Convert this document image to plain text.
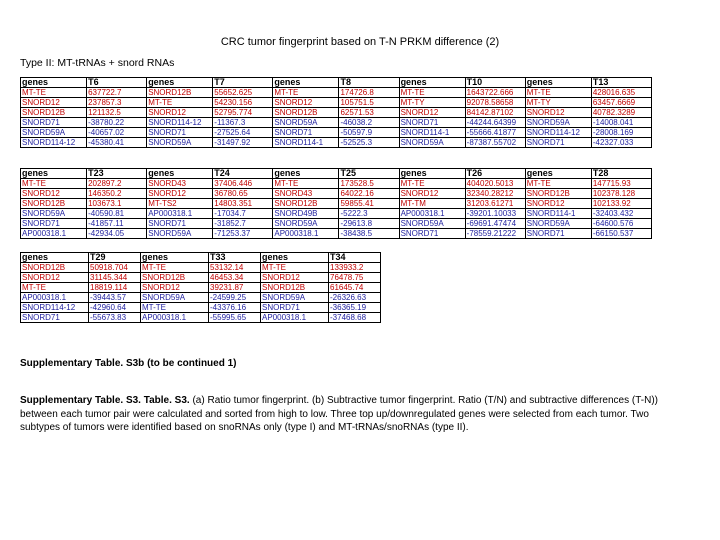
CRC tumor fingerprint based on T-N PRKM difference (2)
Type II: MT-tRNAs + snord RNAs
genes	T6	genes	T7	genes	T8	genes	T10	genes	T13
MT-TE	637722.7	SNORD12B	55652.625	MT-TE	174726.8	MT-TE	1643722.666	MT-TE	428016.635
SNORD12	237857.3	MT-TE	54230.156	SNORD12	105751.5	MT-TY	92078.58658	MT-TY	63457.6669
SNORD12B	121132.5	SNORD12	52795.774	SNORD12B	62571.53	SNORD12	84142.87102	SNORD12	40782.3289
SNORD71	-38780.22	SNORD114-12	-11367.3	SNORD59A	-46038.2	SNORD71	-44244.64399	SNORD59A	-14008.041
SNORD59A	-40657.02	SNORD71	-27525.64	SNORD71	-50597.9	SNORD114-1	-55666.41877	SNORD114-12	-28008.169
SNORD114-12	-45380.41	SNORD59A	-31497.92	SNORD114-1	-52525.3	SNORD59A	-87387.55702	SNORD71	-42327.033
genes	T23	genes	T24	genes	T25	genes	T26	genes	T28
MT-TE	202897.2	SNORD43	37406.446	MT-TE	173528.5	MT-TE	404020.5013	MT-TE	147715.93
SNORD12	146350.2	SNORD12	36780.65	SNORD43	64022.16	SNORD12	32340.28212	SNORD12B	102378.128
SNORD12B	103673.1	MT-TS2	14803.351	SNORD12B	59855.41	MT-TM	31203.61271	SNORD12	102133.92
SNORD59A	-40590.81	AP000318.1	-17034.7	SNORD49B	-5222.3	AP000318.1	-39201.10033	SNORD114-1	-32403.432
SNORD71	-41857.11	SNORD71	-31852.7	SNORD59A	-29613.8	SNORD59A	-69691.47474	SNORD59A	-64600.576
AP000318.1	-42934.05	SNORD59A	-71253.37	AP000318.1	-38438.5	SNORD71	-78559.21222	SNORD71	-66150.537
genes	T29	genes	T33	genes	T34
SNORD12B	50918.704	MT-TE	53132.14	MT-TE	133933.2
SNORD12	31145.344	SNORD12B	46453.34	SNORD12	76478.75
MT-TE	18819.114	SNORD12	39231.87	SNORD12B	61645.74
AP000318.1	-39443.57	SNORD59A	-24599.25	SNORD59A	-26326.63
SNORD114-12	-42960.64	MT-TE	-43376.16	SNORD71	-36365.19
SNORD71	-55673.83	AP000318.1	-55995.65	AP000318.1	-37468.68
Supplementary Table. S3b (to be continued 1)
Supplementary Table. S3. Table. S3. (a) Ratio tumor fingerprint. (b) Subtractive tumor fingerprint. Ratio (T/N) and subtractive differences (T-N)) between each tumor pair were calculated and sorted from high to low. Three top up/downregulated genes were selected from each tumor. Two subtypes of tumors were identified based on snoRNAs only (type I) and MT-tRNAs/snoRNAs (type II).
